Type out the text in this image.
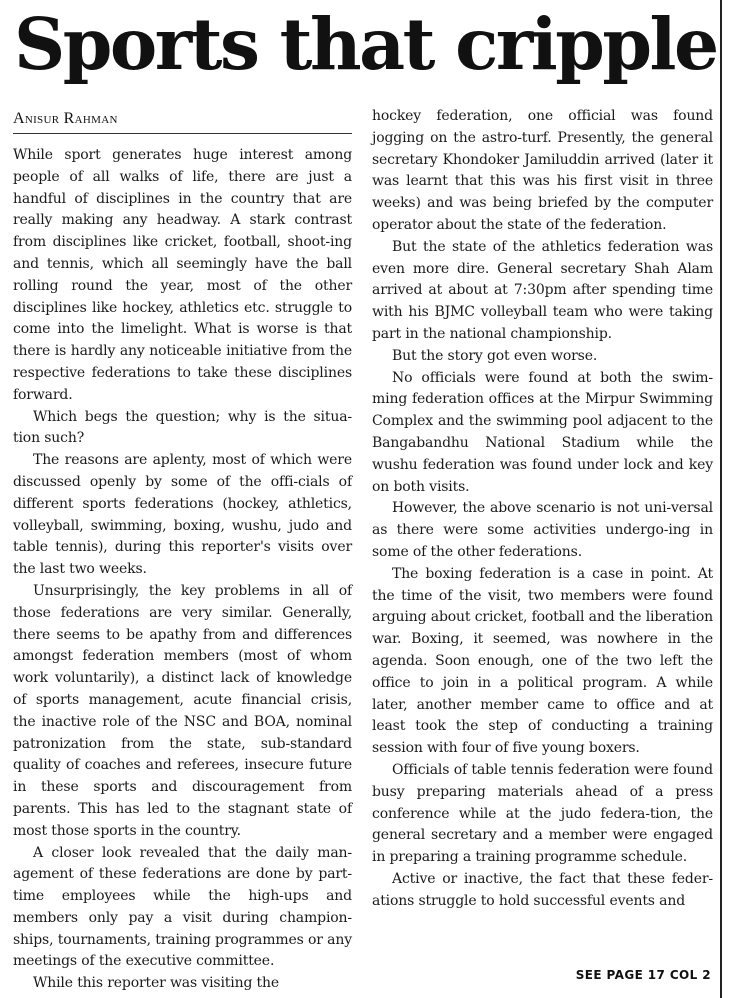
Sports that cripple
Anisur Rahman

While sport generates huge interest among people of all walks of life, there are just a handful of disciplines in the country that are really making any headway. A stark contrast from disciplines like cricket, football, shoot-ing and tennis, which all seemingly have the ball rolling round the year, most of the other disciplines like hockey, athletics etc. struggle to come into the limelight. What is worse is that there is hardly any noticeable initiative from the respective federations to take these disciplines forward.

Which begs the question; why is the situa-tion such?

The reasons are aplenty, most of which were discussed openly by some of the offi-cials of different sports federations (hockey, athletics, volleyball, swimming, boxing, wushu, judo and table tennis), during this reporter's visits over the last two weeks.

Unsurprisingly, the key problems in all of those federations are very similar. Generally, there seems to be apathy from and differences amongst federation members (most of whom work voluntarily), a distinct lack of knowledge of sports management, acute financial crisis, the inactive role of the NSC and BOA, nominal patronization from the state, sub-standard quality of coaches and referees, insecure future in these sports and discouragement from parents. This has led to the stagnant state of most those sports in the country.

A closer look revealed that the daily man-agement of these federations are done by part-time employees while the high-ups and members only pay a visit during champion-ships, tournaments, training programmes or any meetings of the executive committee.

While this reporter was visiting the

hockey federation, one official was found jogging on the astro-turf. Presently, the general secretary Khondoker Jamiluddin arrived (later it was learnt that this was his first visit in three weeks) and was being briefed by the computer operator about the state of the federation.

But the state of the athletics federation was even more dire. General secretary Shah Alam arrived at about at 7:30pm after spending time with his BJMC volleyball team who were taking part in the national championship.

But the story got even worse.

No officials were found at both the swim-ming federation offices at the Mirpur Swimming Complex and the swimming pool adjacent to the Bangabandhu National Stadium while the wushu federation was found under lock and key on both visits.

However, the above scenario is not uni-versal as there were some activities undergo-ing in some of the other federations.

The boxing federation is a case in point. At the time of the visit, two members were found arguing about cricket, football and the liberation war. Boxing, it seemed, was nowhere in the agenda. Soon enough, one of the two left the office to join in a political program. A while later, another member came to office and at least took the step of conducting a training session with four of five young boxers.

Officials of table tennis federation were found busy preparing materials ahead of a press conference while at the judo federa-tion, the general secretary and a member were engaged in preparing a training programme schedule.

Active or inactive, the fact that these feder-ations struggle to hold successful events and

SEE PAGE 17 COL 2
